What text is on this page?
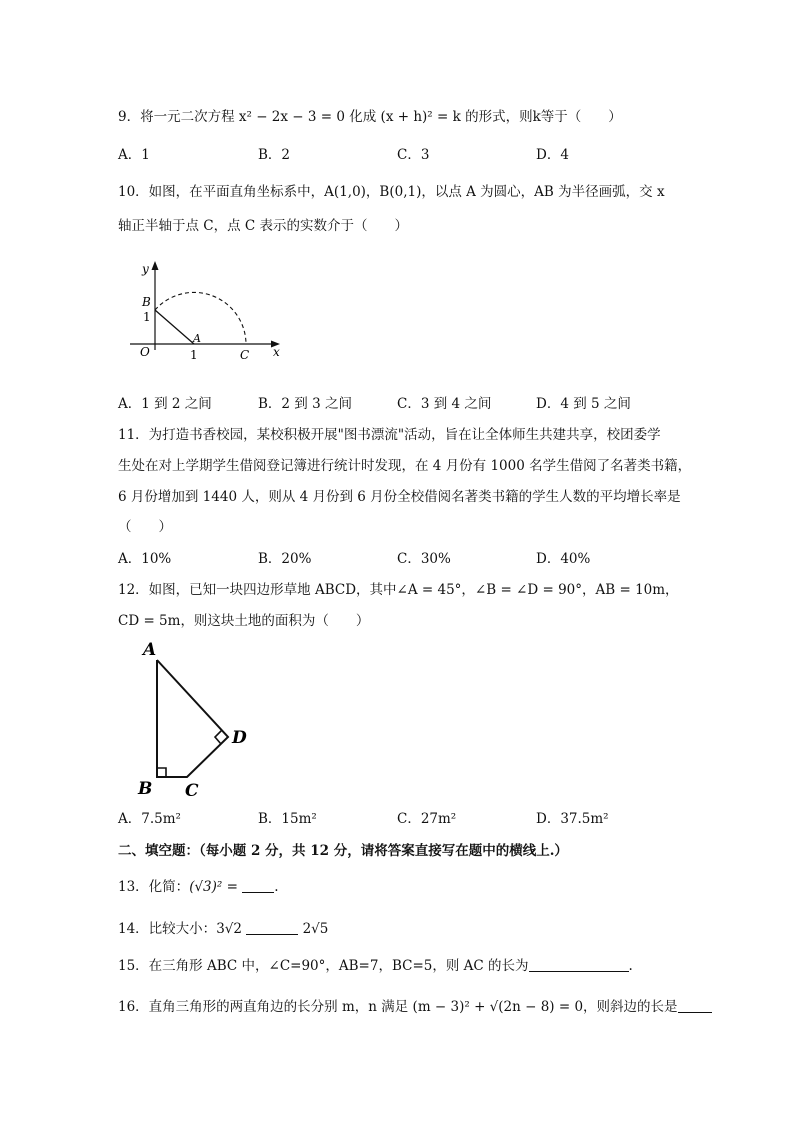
9．将一元二次方程 x² − 2x − 3 = 0 化成 (x + h)² = k 的形式，则k等于（　　）
A．1	B．2	C．3	D．4
10．如图，在平面直角坐标系中，A(1,0)，B(0,1)，以点 A 为圆心，AB 为半径画弧，交 x
轴正半轴于点 C，点 C 表示的实数介于（　　）
y
x
B
1
A
O	1	C
A．1 到 2 之间	B．2 到 3 之间	C．3 到 4 之间	D．4 到 5 之间
11．为打造书香校园，某校积极开展"图书漂流"活动，旨在让全体师生共建共享，校团委学
生处在对上学期学生借阅登记簿进行统计时发现，在 4 月份有 1000 名学生借阅了名著类书籍，
6 月份增加到 1440 人，则从 4 月份到 6 月份全校借阅名著类书籍的学生人数的平均增长率是
（　　）
A．10%	B．20%	C．30%	D．40%
12．如图，已知一块四边形草地 ABCD，其中∠A = 45°，∠B = ∠D = 90°，AB = 10m，
CD = 5m，则这块土地的面积为（　　）
A
B C
D
A．7.5m²	B．15m²	C．27m²	D．37.5m²
二、填空题：（每小题 2 分，共 12 分，请将答案直接写在题中的横线上.）
13．化简：(√3)² =	.
14．比较大小：3√2	2√5
15．在三角形 ABC 中，∠C=90°，AB=7，BC=5，则 AC 的长为	.
16．直角三角形的两直角边的长分别 m，n 满足 (m − 3)² + √(2n − 8) = 0，则斜边的长是
